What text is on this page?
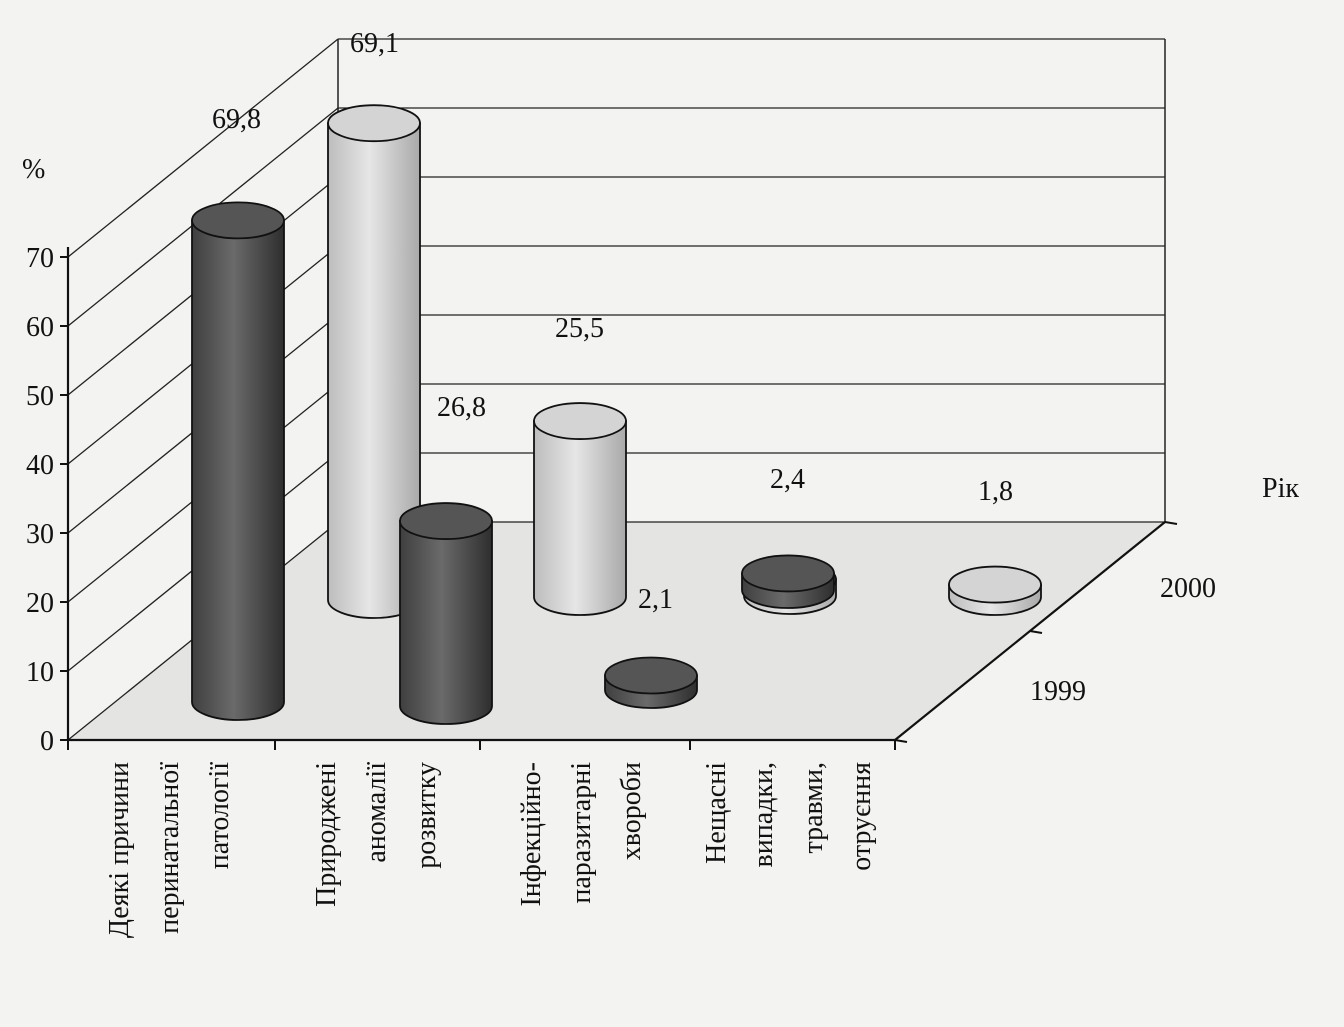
0
10
20
30
40
50
60
70
%
1999
2000
Рік
Деякі причини перинатальної патології	Природжені аномалії розвитку	Інфекційно- паразитарні хвороби Нещасні випадки, травми, отруєння
69,1
25,5
2,4	1,8
69,8
26,8
2,1
